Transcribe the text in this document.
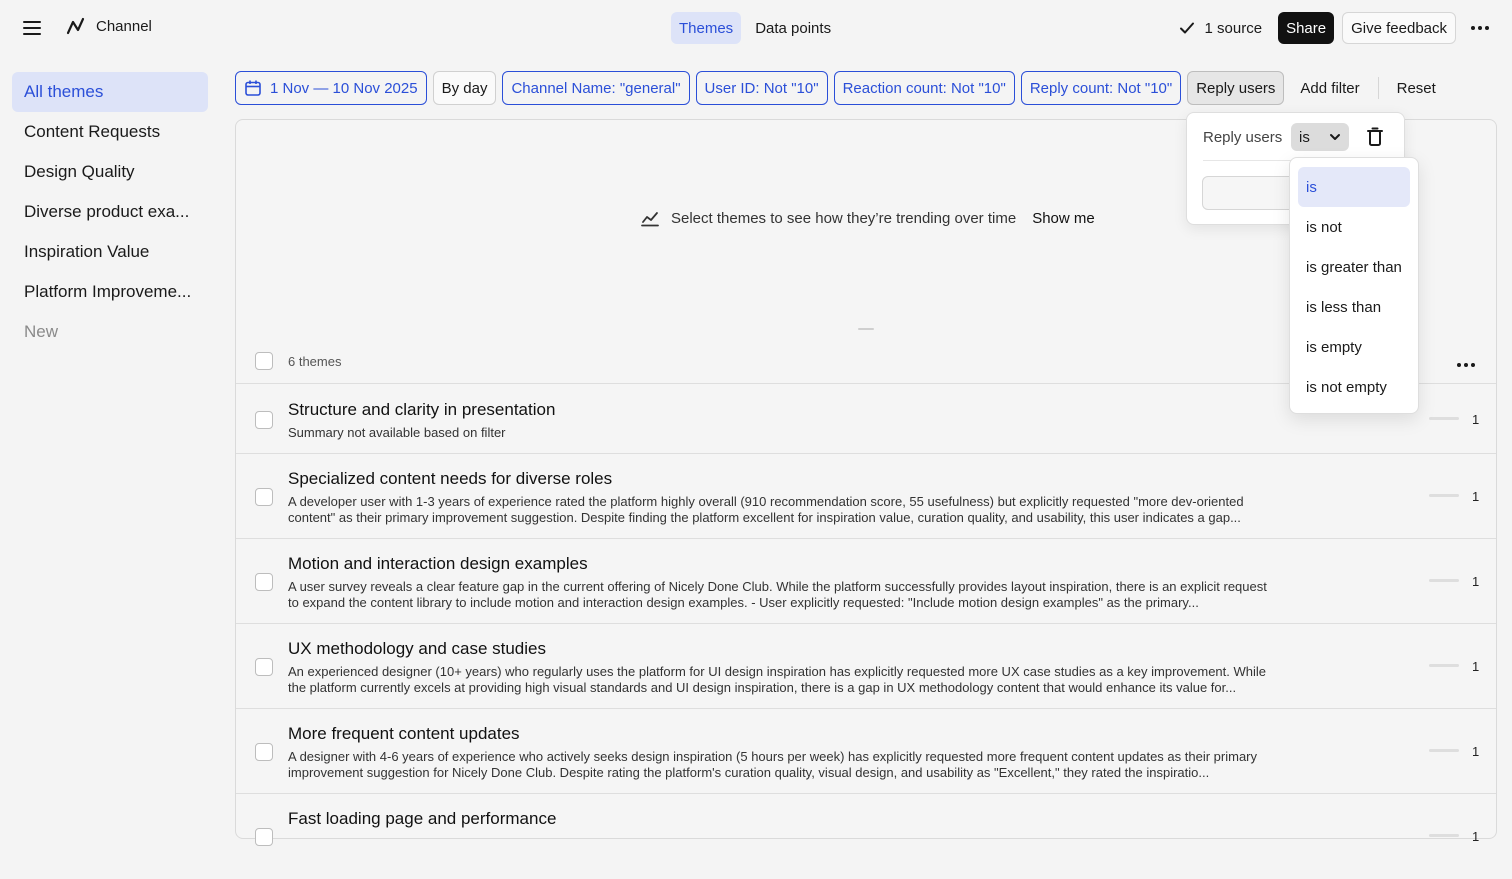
Channel	Themes	Data points	1 source	Share	Give feedback
All themes
Content Requests
Design Quality
Diverse product exa...
Inspiration Value
Platform Improveme...
New
1 Nov — 10 Nov 2025	By day	Channel Name: "general"	User ID: Not "10"	Reaction count: Not "10"	Reply count: Not "10"	Reply users	Add filter	Reset
Select themes to see how they’re trending over time Show me
6 themes
Structure and clarity in presentation
Summary not available based on filter
1
Specialized content needs for diverse roles
A developer user with 1-3 years of experience rated the platform highly overall (910 recommendation score, 55 usefulness) but explicitly requested "more dev-oriented content" as their primary improvement suggestion. Despite finding the platform excellent for inspiration value, curation quality, and usability, this user indicates a gap...
1
Motion and interaction design examples
A user survey reveals a clear feature gap in the current offering of Nicely Done Club. While the platform successfully provides layout inspiration, there is an explicit request to expand the content library to include motion and interaction design examples. - User explicitly requested: "Include motion design examples" as the primary...
1
UX methodology and case studies
An experienced designer (10+ years) who regularly uses the platform for UI design inspiration has explicitly requested more UX case studies as a key improvement. While the platform currently excels at providing high visual standards and UI design inspiration, there is a gap in UX methodology content that would enhance its value for...
1
More frequent content updates
A designer with 4-6 years of experience who actively seeks design inspiration (5 hours per week) has explicitly requested more frequent content updates as their primary improvement suggestion for Nicely Done Club. Despite rating the platform's curation quality, visual design, and usability as "Excellent," they rated the inspiratio...
1
Fast loading page and performance
1
Reply users is
is
is not
is greater than
is less than
is empty
is not empty
